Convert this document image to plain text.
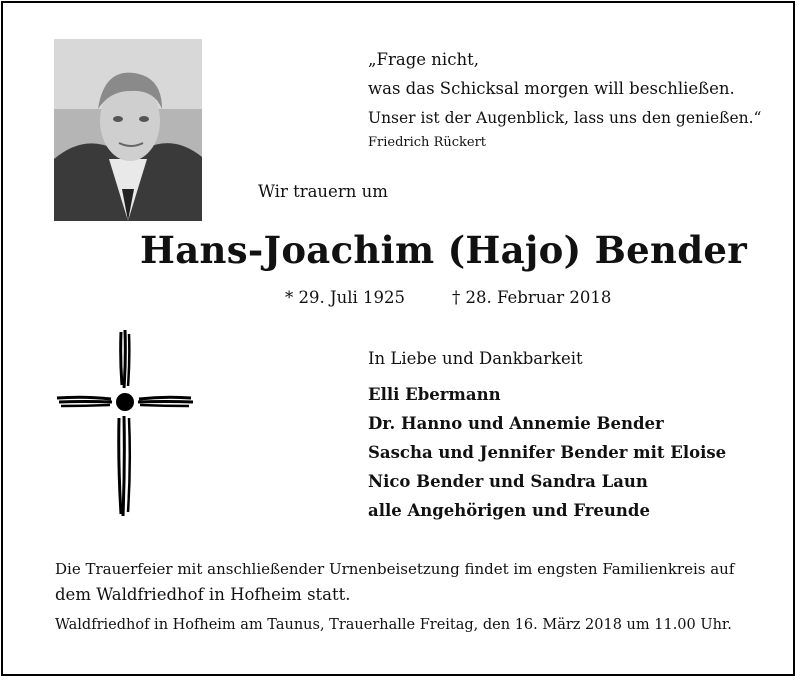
„Frage nicht,
was das Schicksal morgen will beschließen.
Unser ist der Augenblick, lass uns den genießen.“
Friedrich Rückert
Wir trauern um
Hans-Joachim (Hajo) Bender
* 29. Juli 1925	† 28. Februar 2018
In Liebe und Dankbarkeit
Elli Ebermann
Dr. Hanno und Annemie Bender
Sascha und Jennifer Bender mit Eloise
Nico Bender und Sandra Laun
alle Angehörigen und Freunde
Die Trauerfeier mit anschließender Urnenbeisetzung findet im engsten Familienkreis auf
dem Waldfriedhof in Hofheim statt.
Waldfriedhof in Hofheim am Taunus, Trauerhalle Freitag, den 16. März 2018 um 11.00 Uhr.
